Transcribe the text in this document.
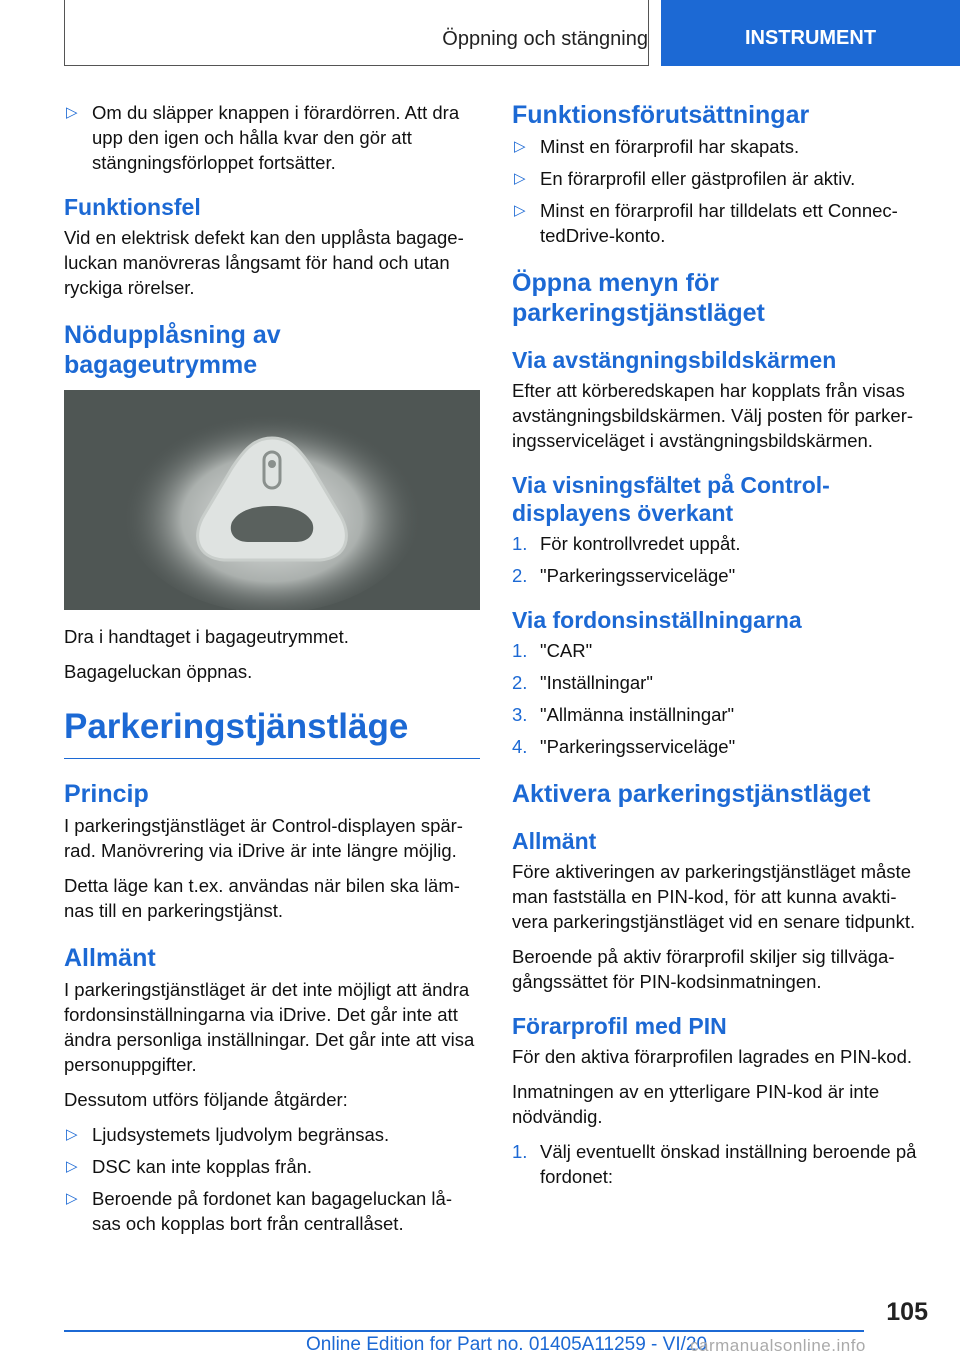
Öppning och stängning	INSTRUMENT
▷ Om du släpper knappen i förardörren. Att dra upp den igen och hålla kvar den gör att stängningsförloppet fortsätter.
Funktionsfel

Vid en elektrisk defekt kan den upplåsta bagage-luckan manövreras långsamt för hand och utan ryckiga rörelser.

Nödupplåsning av bagageutrymme

Dra i handtaget i bagageutrymmet.

Bagageluckan öppnas.

Parkeringstjänstläge
Princip

I parkeringstjänstläget är Control-displayen spär-rad. Manövrering via iDrive är inte längre möjlig.

Detta läge kan t.ex. användas när bilen ska läm-nas till en parkeringstjänst.

Allmänt

I parkeringstjänstläget är det inte möjligt att ändra fordonsinställningarna via iDrive. Det går inte att ändra personliga inställningar. Det går inte att visa personuppgifter.

Dessutom utförs följande åtgärder:

▷ Ljudsystemets ljudvolym begränsas.
▷ DSC kan inte kopplas från.
▷ Beroende på fordonet kan bagageluckan lå-sas och kopplas bort från centrallåset.
Funktionsförutsättningar
▷ Minst en förarprofil har skapats.
▷ En förarprofil eller gästprofilen är aktiv.
▷ Minst en förarprofil har tilldelats ett Connec-tedDrive-konto.
Öppna menyn för parkeringstjänstläget
Via avstängningsbildskärmen

Efter att körberedskapen har kopplats från visas avstängningsbildskärmen. Välj posten för parker-ingsserviceläget i avstängningsbildskärmen.

Via visningsfältet på Control-displayens överkant
1. För kontrollvredet uppåt.
2. "Parkeringsserviceläge"
Via fordonsinställningarna
1. "CAR"
2. "Inställningar"
3. "Allmänna inställningar"
4. "Parkeringsserviceläge"
Aktivera parkeringstjänstläget
Allmänt

Före aktiveringen av parkeringstjänstläget måste man fastställa en PIN-kod, för att kunna avakti-vera parkeringstjänstläget vid en senare tidpunkt.

Beroende på aktiv förarprofil skiljer sig tillväga-gångssättet för PIN-kodsinmatningen.

Förarprofil med PIN

För den aktiva förarprofilen lagrades en PIN-kod.

Inmatningen av en ytterligare PIN-kod är inte nödvändig.

1. Välj eventuellt önskad inställning beroende på fordonet:
105
Online Edition for Part no. 01405A11259 - VI/20
carmanualsonline.info
